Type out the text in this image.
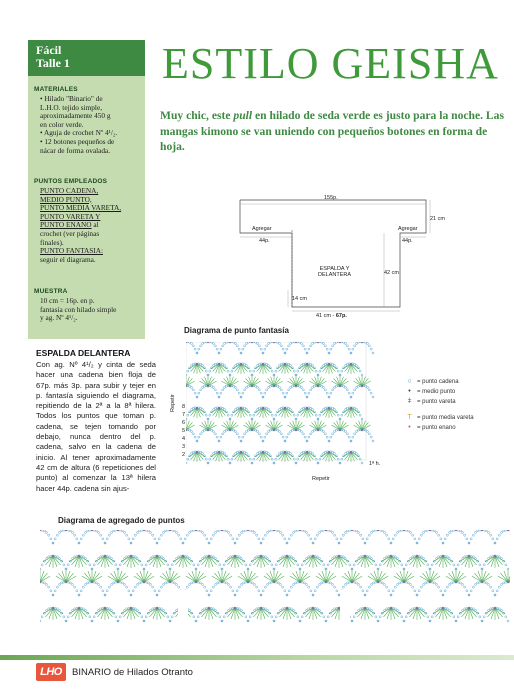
Fácil
Talle 1
MATERIALES
• Hilado "Binario" de
L.H.O. tejido simple,
aproximadamente 450 g
en color verde.
• Aguja de crochet Nº 4¹/₂.
• 12 botones pequeños de
nácar de forma ovalada.
PUNTOS EMPLEADOS
PUNTO CADENA,
MEDIO PUNTO,
PUNTO MEDIA VARETA,
PUNTO VARETA Y
PUNTO ENANO al
crochet (ver páginas
finales).
PUNTO FANTASIA:
seguir el diagrama.
MUESTRA
10 cm = 16p. en p.
fantasía con hilado simple
y ag. Nº 4¹/₂.
ESTILO GEISHA
Muy chic, este pull en hilado de seda verde es justo para la noche. Las mangas kimono se van uniendo con pequeños botones en forma de hoja.
ESPALDA DELANTERA
Con ag. Nº 4¹/₂ y cinta de seda hacer una cadena bien floja de 67p. más 3p. para subir y tejer en p. fantasía siguiendo el diagrama, repitiendo de la 2ª a la 8ª hilera. Todos los puntos que toman p. cadena, se tejen tomando por debajo, nunca dentro del p. cadena, salvo en la cadena de inicio. Al tener aproximadamente 42 cm de altura (6 repeticiones del punto) al comenzar la 13ª hilera hacer 44p. cadena sin ajus-
155p.
Agregar
44p.
Agregar
44p.
21 cm
ESPALDA Y
DELANTERA	42 cm
14 cm
41 cm - 67p.
Diagrama de punto fantasía
Repetir
Repetir
1ª h.
8
7
6
5
4
3
2
○ = punto cadena
•	= medio punto
ǂ = punto vareta
T = punto media vareta
•	= punto enano
Diagrama de agregado de puntos
LHO	BINARIO de Hilados Otranto
